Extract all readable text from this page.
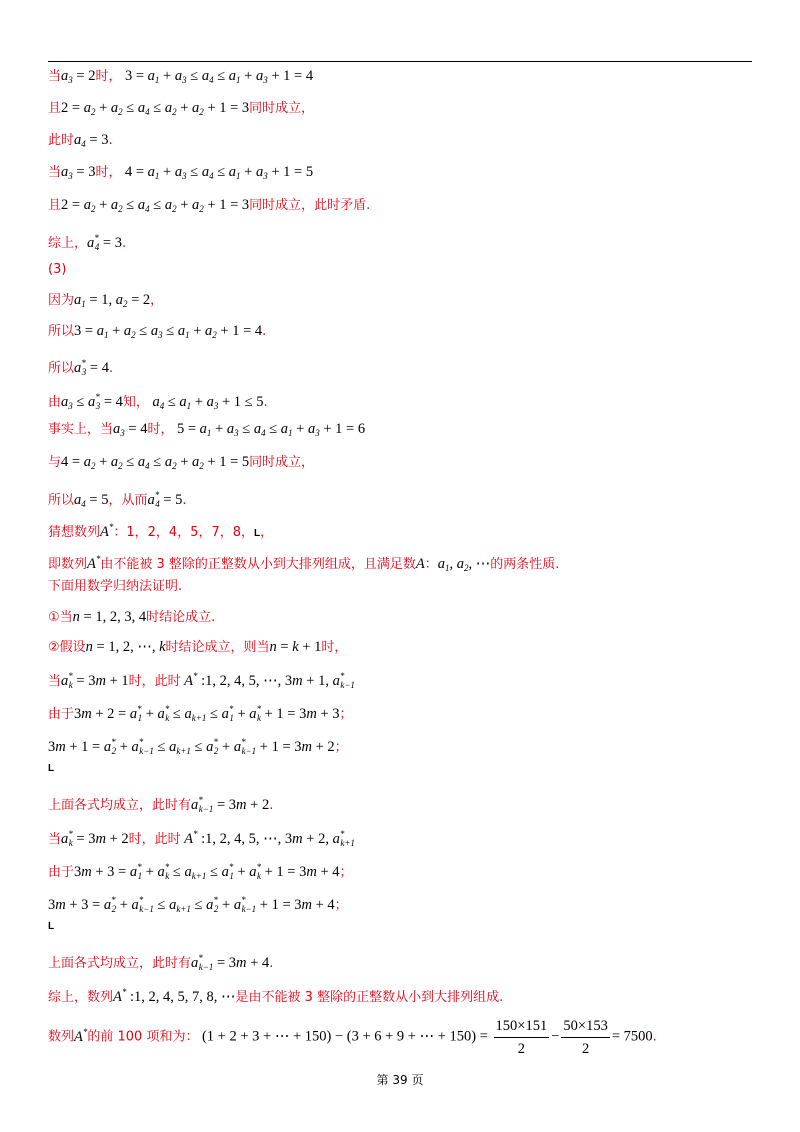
当$a_3 = 2$时， $3 = a_1 + a_3 \le a_4 \le a_1 + a_3 + 1 = 4$
且$2 = a_2 + a_2 \le a_4 \le a_2 + a_2 + 1 = 3$同时成立，
此时$a_4 = 3$.
当$a_3 = 3$时， $4 = a_1 + a_3 \le a_4 \le a_1 + a_3 + 1 = 5$
且$2 = a_2 + a_2 \le a_4 \le a_2 + a_2 + 1 = 3$同时成立，此时矛盾.
综上，$a^*_4 = 3$.
(3)
因为$a_1 = 1$, $a_2 = 2$，
所以$3 = a_1 + a_2 \le a_3 \le a_1 + a_2 + 1 = 4$.
所以$a^*_3 = 4$.
由$a_3 \le a^*_3 = 4$知， $a_4 \le a_1 + a_3 + 1 \le 5$.
事实上，当$a_3 = 4$时， $5 = a_1 + a_3 \le a_4 \le a_1 + a_3 + 1 = 6$
与$4 = a_2 + a_2 \le a_4 \le a_2 + a_2 + 1 = 5$同时成立，
所以$a_4 = 5$，从而$a^*_4 = 5$.
猜想数列A*：1，2，4，5，7，8，L，
即数列A*由不能被 3 整除的正整数从小到大排列组成，且满足数A：$a_1$, $a_2$, ⋯的两条性质.
下面用数学归纳法证明.
①当n = 1, 2, 3, 4时结论成立.
②假设n = 1, 2, ⋯, k时结论成立，则当n = k + 1时，
当$a^*_k = 3m + 1$时，此时 A* :1, 2, 4, 5, ⋯, 3m + 1, $a^*_{k-1}$
由于$3m + 2 = a^*_1 + a^*_k \le a_{k+1} \le a^*_1 + a^*_k + 1 = 3m + 3$；
$3m + 1 = a^*_2 + a^*_{k-1} \le a_{k+1} \le a^*_2 + a^*_{k-1} + 1 = 3m + 2$；
L
上面各式均成立，此时有$a^*_{k-1} = 3m + 2$.
当$a^*_k = 3m + 2$时，此时 A* :1, 2, 4, 5, ⋯, 3m + 2, $a^*_{k+1}$
由于$3m + 3 = a^*_1 + a^*_k \le a_{k+1} \le a^*_1 + a^*_k + 1 = 3m + 4$；
$3m + 3 = a^*_2 + a^*_{k-1} \le a_{k+1} \le a^*_2 + a^*_{k-1} + 1 = 3m + 4$；
L
上面各式均成立，此时有$a^*_{k-1} = 3m + 4$.
综上，数列A* :1, 2, 4, 5, 7, 8, ⋯是由不能被 3 整除的正整数从小到大排列组成.
数列A*的前 100 项和为： (1 + 2 + 3 + ⋯ + 150) − (3 + 6 + 9 + ⋯ + $150) = \frac{150\times 151}{2} - \frac{50\times 153}{2} = 7500$.
第 39 页
